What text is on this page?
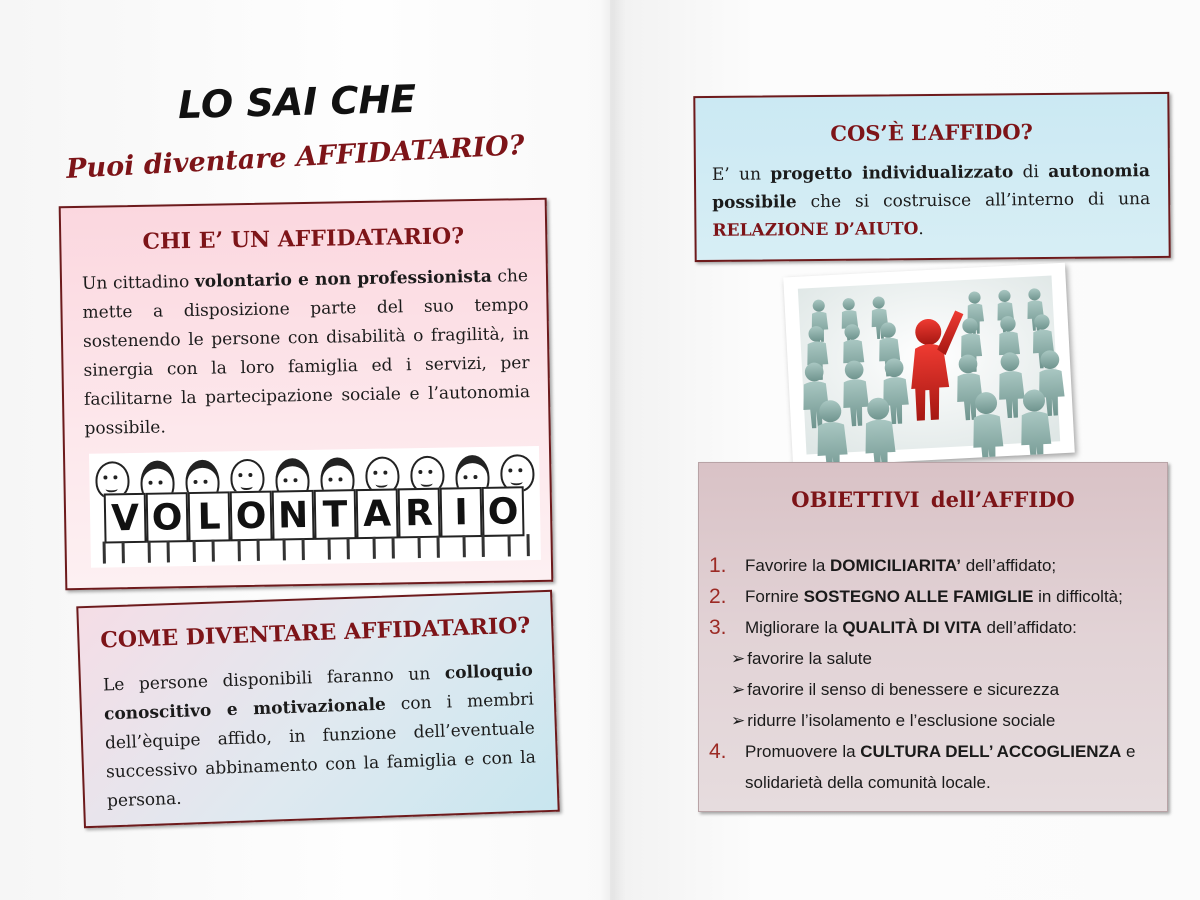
LO SAI CHE
Puoi diventare AFFIDATARIO?
CHI E’ UN AFFIDATARIO?

Un cittadino volontario e non professionista che mette a disposizione parte del suo tempo sostenendo le persone con disabilità o fragilità, in sinergia con la loro famiglia ed i servizi, per facilitarne la partecipazione sociale e l’autonomia possibile.

V O L O N T A R I O
COME DIVENTARE AFFIDATARIO?

Le persone disponibili faranno un colloquio conoscitivo e motivazionale con i membri dell’èquipe affido, in funzione dell’eventuale successivo abbinamento con la famiglia e con la persona.

COS’È L’AFFIDO?

E’ un progetto individualizzato di autonomia possibile che si costruisce all’interno di una RELAZIONE D’AIUTO.

OBIETTIVI dell’AFFIDO
1. Favorire la DOMICILIARITA’ dell’affidato;
2. Fornire SOSTEGNO ALLE FAMIGLIE in difficoltà;
3. Migliorare la QUALITÀ DI VITA dell’affidato:
➢ favorire la salute
➢ favorire il senso di benessere e sicurezza
➢ ridurre l’isolamento e l’esclusione sociale
4. Promuovere la CULTURA DELL’ ACCOGLIENZA e
solidarietà della comunità locale.
